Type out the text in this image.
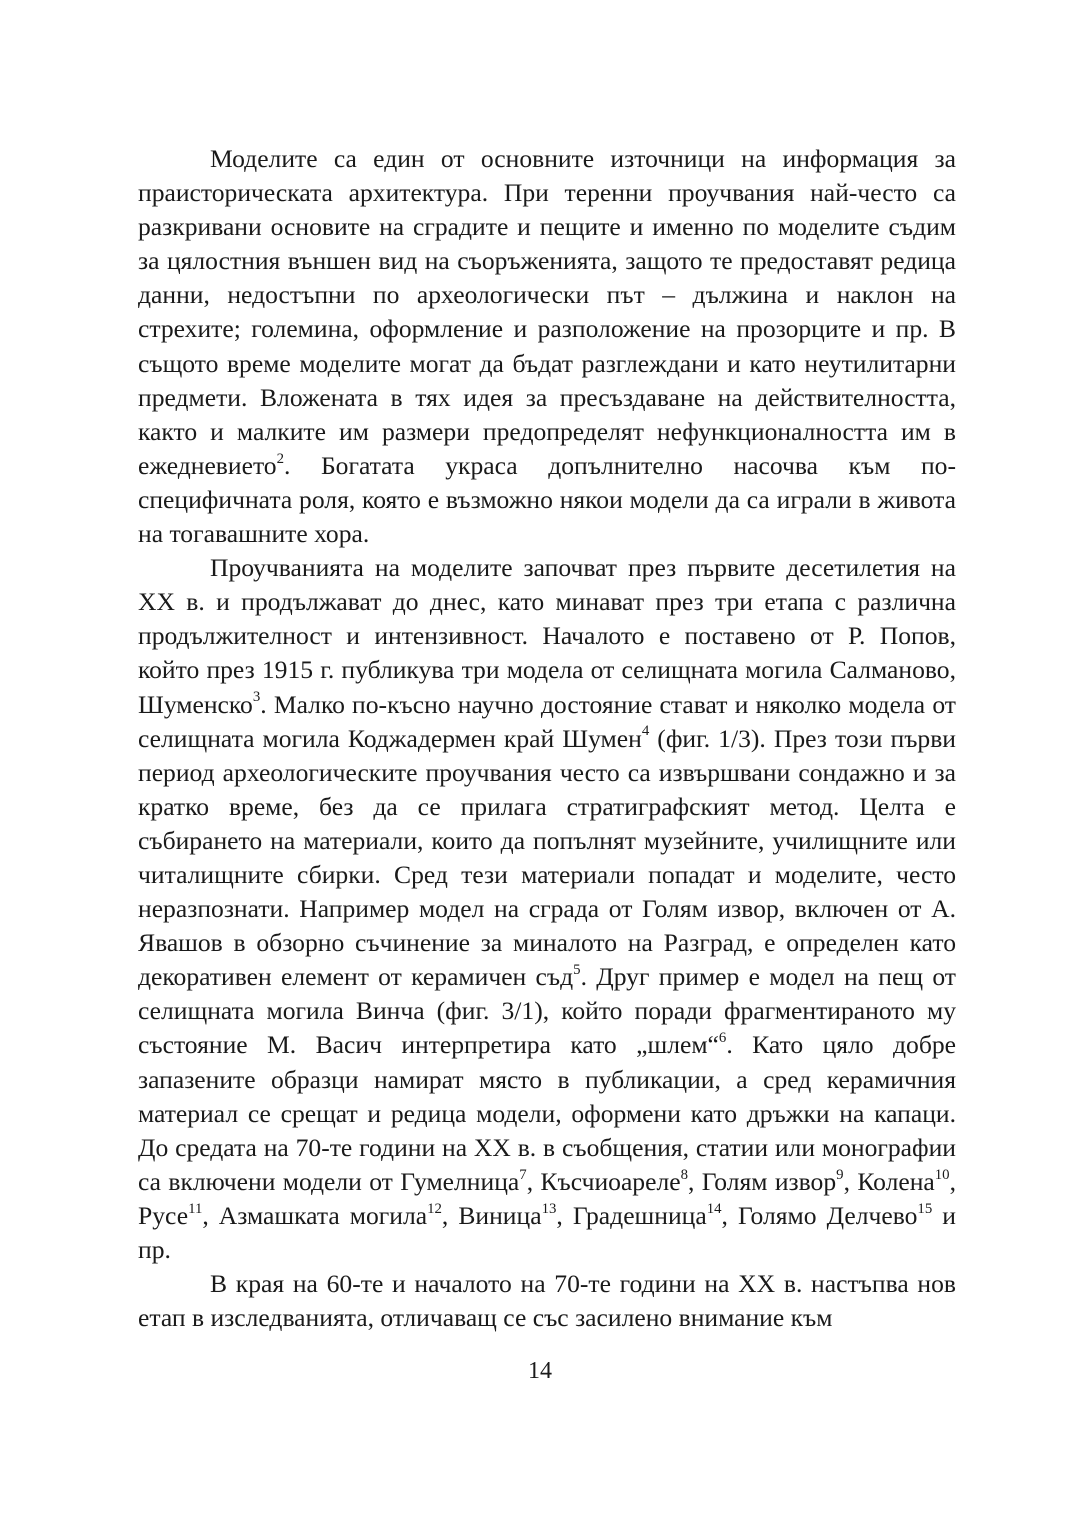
Моделите са един от основните източници на информация за праисторическата архитектура. При теренни проучвания най-често са разкривани основите на сградите и пещите и именно по моделите съдим за цялостния външен вид на съоръженията, защото те предоставят редица данни, недостъпни по археологически път – дължина и наклон на стрехите; големина, оформление и разположение на прозорците и пр. В същото време моделите могат да бъдат разглеждани и като неутилитарни предмети. Вложената в тях идея за пресъздаване на действителността, както и малките им размери предопределят нефункционалността им в ежедневието$^2$. Богатата украса допълнително насочва към по-специфичната роля, която е възможно някои модели да са играли в живота на тогавашните хора.

Проучванията на моделите започват през първите десетилетия на XX в. и продължават до днес, като минават през три етапа с различна продължителност и интензивност. Началото е поставено от Р. Попов, който през 1915 г. публикува три модела от селищната могила Салманово, Шуменско$^3$. Малко по-късно научно достояние стават и няколко модела от селищната могила Коджадермен край Шумен$^4$ (фиг. 1/3). През този първи период археологическите проучвания често са извършвани сондажно и за кратко време, без да се прилага стратиграфският метод. Целта е събирането на материали, които да попълнят музейните, училищните или читалищните сбирки. Сред тези материали попадат и моделите, често неразпознати. Например модел на сграда от Голям извор, включен от А. Явашов в обзорно съчинение за миналото на Разград, е определен като декоративен елемент от керамичен съд$^5$. Друг пример е модел на пещ от селищната могила Винча (фиг. 3/1), който поради фрагментираното му състояние М. Васич интерпретира като „шлем“$^6$. Като цяло добре запазените образци намират място в публикации, а сред керамичния материал се срещат и редица модели, оформени като дръжки на капаци. До средата на 70-те години на XX в. в съобщения, статии или монографии са включени модели от Гумелница$^7$, Късчиоареле$^8$, Голям извор$^9$, Колена$^{10}$, Русе$^{11}$, Азмашката могила$^{12}$, Виница$^{13}$, Градешница$^{14}$, Голямо Делчево$^{15}$ и пр.

В края на 60-те и началото на 70-те години на XX в. настъпва нов етап в изследванията, отличаващ се със засилено внимание към

14
